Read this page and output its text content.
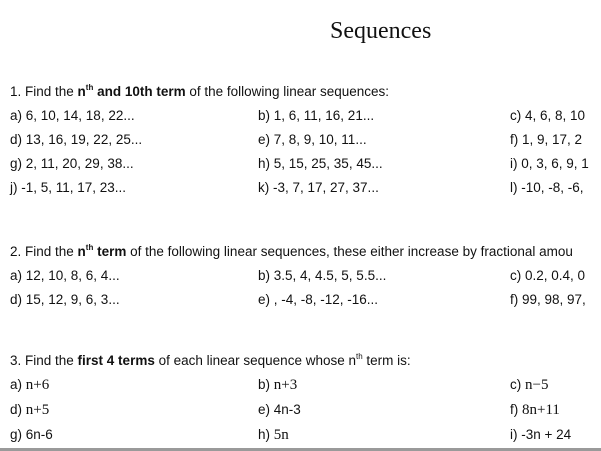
Sequences
1. Find the $n^{th}$ and 10th term of the following linear sequences:
a) 6, 10, 14, 18, 22...	b) 1, 6, 11, 16, 21...	c) 4, 6, 8, 10
d) 13, 16, 19, 22, 25...	e) 7, 8, 9, 10, 11...	f) 1, 9, 17, 2
g) 2, 11, 20, 29, 38...	h) 5, 15, 25, 35, 45...	i) 0, 3, 6, 9, 1
j) -1, 5, 11, 17, 23...	k) -3, 7, 17, 27, 37...	l) -10, -8, -6,
2. Find the $n^{th}$ term of the following linear sequences, these either increase by fractional amou
a) 12, 10, 8, 6, 4...	b) 3.5, 4, 4.5, 5, 5.5...	c) 0.2, 0.4, 0
d) 15, 12, 9, 6, 3...	e) , -4, -8, -12, -16...	f) 99, 98, 97,
3. Find the first 4 terms of each linear sequence whose $n^{th}$ term is:
a) n+6	b) n+3	c) n−5
d) n+5	e) 4n-3	f) 8n+11
g) 6n-6	h) 5n	i) -3n + 24
